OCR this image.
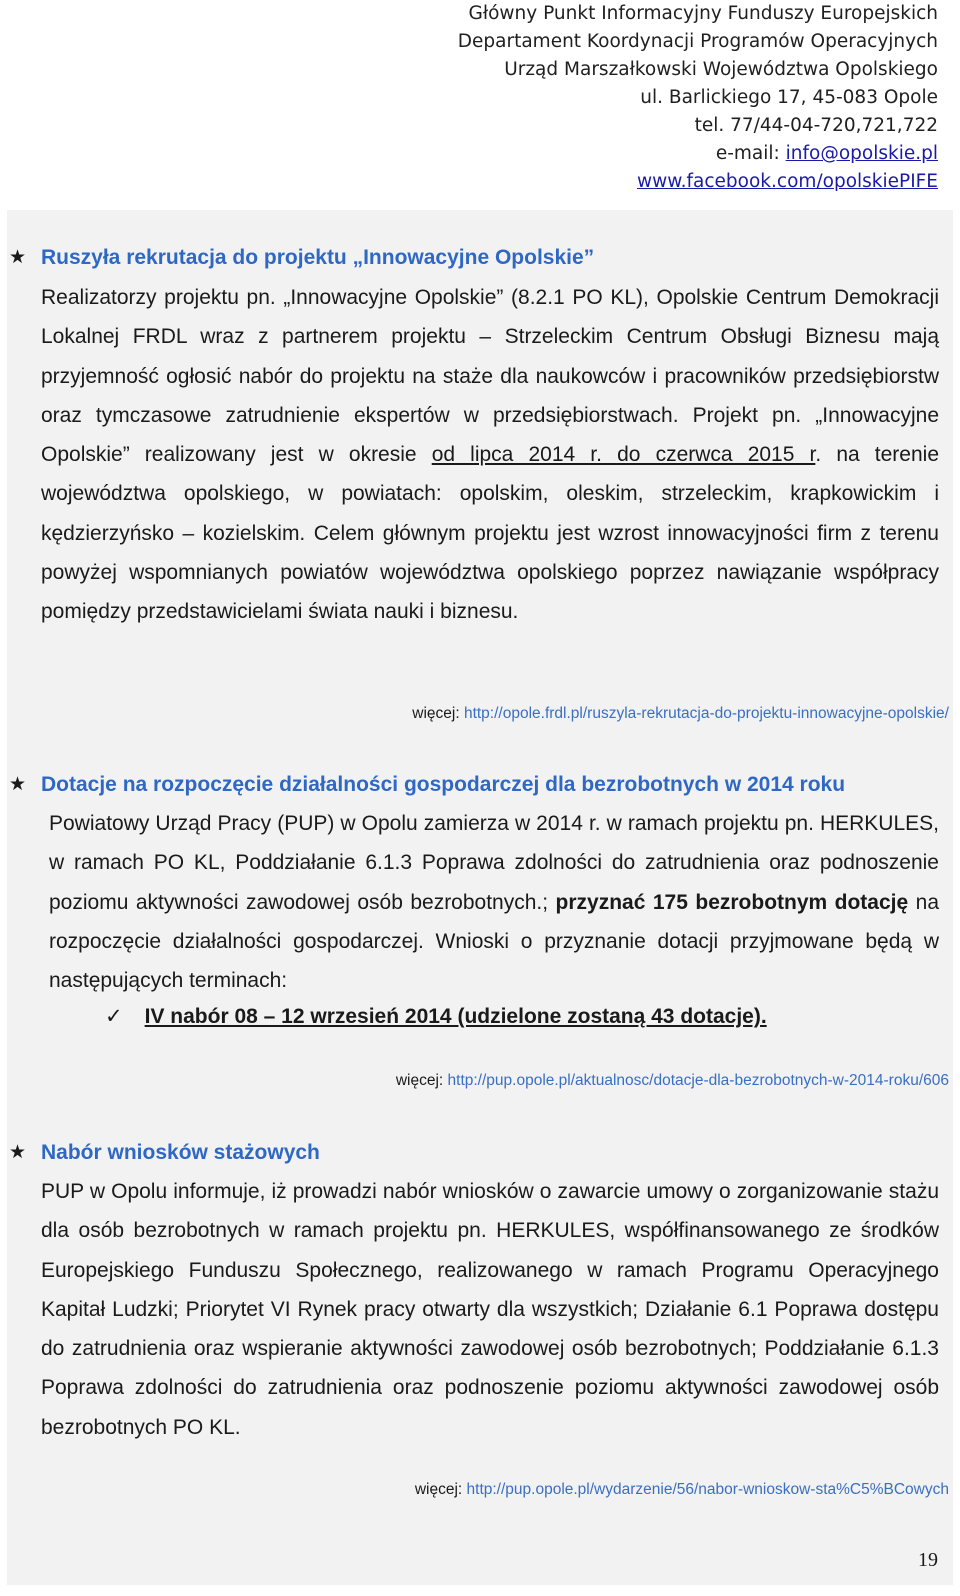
Główny Punkt Informacyjny Funduszy Europejskich
Departament Koordynacji Programów Operacyjnych
Urząd Marszałkowski Województwa Opolskiego
ul. Barlickiego 17, 45-083 Opole
tel. 77/44-04-720,721,722
e-mail: info@opolskie.pl
www.facebook.com/opolskiePIFE
★ Ruszyła rekrutacja do projektu „Innowacyjne Opolskie”
Realizatorzy projektu pn. „Innowacyjne Opolskie” (8.2.1 PO KL), Opolskie Centrum Demokracji Lokalnej FRDL wraz z partnerem projektu – Strzeleckim Centrum Obsługi Biznesu mają przyjemność ogłosić nabór do projektu na staże dla naukowców i pracowników przedsiębiorstw oraz tymczasowe zatrudnienie ekspertów w przedsiębiorstwach. Projekt pn. „Innowacyjne Opolskie” realizowany jest w okresie od lipca 2014 r. do czerwca 2015 r. na terenie województwa opolskiego, w powiatach: opolskim, oleskim, strzeleckim, krapkowickim i kędzierzyńsko – kozielskim. Celem głównym projektu jest wzrost innowacyjności firm z terenu powyżej wspomnianych powiatów województwa opolskiego poprzez nawiązanie współpracy pomiędzy przedstawicielami świata nauki i biznesu.
więcej: http://opole.frdl.pl/ruszyla-rekrutacja-do-projektu-innowacyjne-opolskie/
★ Dotacje na rozpoczęcie działalności gospodarczej dla bezrobotnych w 2014 roku
Powiatowy Urząd Pracy (PUP) w Opolu zamierza w 2014 r. w ramach projektu pn. HERKULES, w ramach PO KL, Poddziałanie 6.1.3 Poprawa zdolności do zatrudnienia oraz podnoszenie poziomu aktywności zawodowej osób bezrobotnych.; przyznać 175 bezrobotnym dotację na rozpoczęcie działalności gospodarczej. Wnioski o przyznanie dotacji przyjmowane będą w następujących terminach:
✓ IV nabór 08 – 12 wrzesień 2014 (udzielone zostaną 43 dotacje).
więcej: http://pup.opole.pl/aktualnosc/dotacje-dla-bezrobotnych-w-2014-roku/606
★ Nabór wniosków stażowych
PUP w Opolu informuje, iż prowadzi nabór wniosków o zawarcie umowy o zorganizowanie stażu dla osób bezrobotnych w ramach projektu pn. HERKULES, współfinansowanego ze środków Europejskiego Funduszu Społecznego, realizowanego w ramach Programu Operacyjnego Kapitał Ludzki; Priorytet VI Rynek pracy otwarty dla wszystkich; Działanie 6.1 Poprawa dostępu do zatrudnienia oraz wspieranie aktywności zawodowej osób bezrobotnych; Poddziałanie 6.1.3 Poprawa zdolności do zatrudnienia oraz podnoszenie poziomu aktywności zawodowej osób bezrobotnych PO KL.
więcej: http://pup.opole.pl/wydarzenie/56/nabor-wnioskow-sta%C5%BCowych
19
